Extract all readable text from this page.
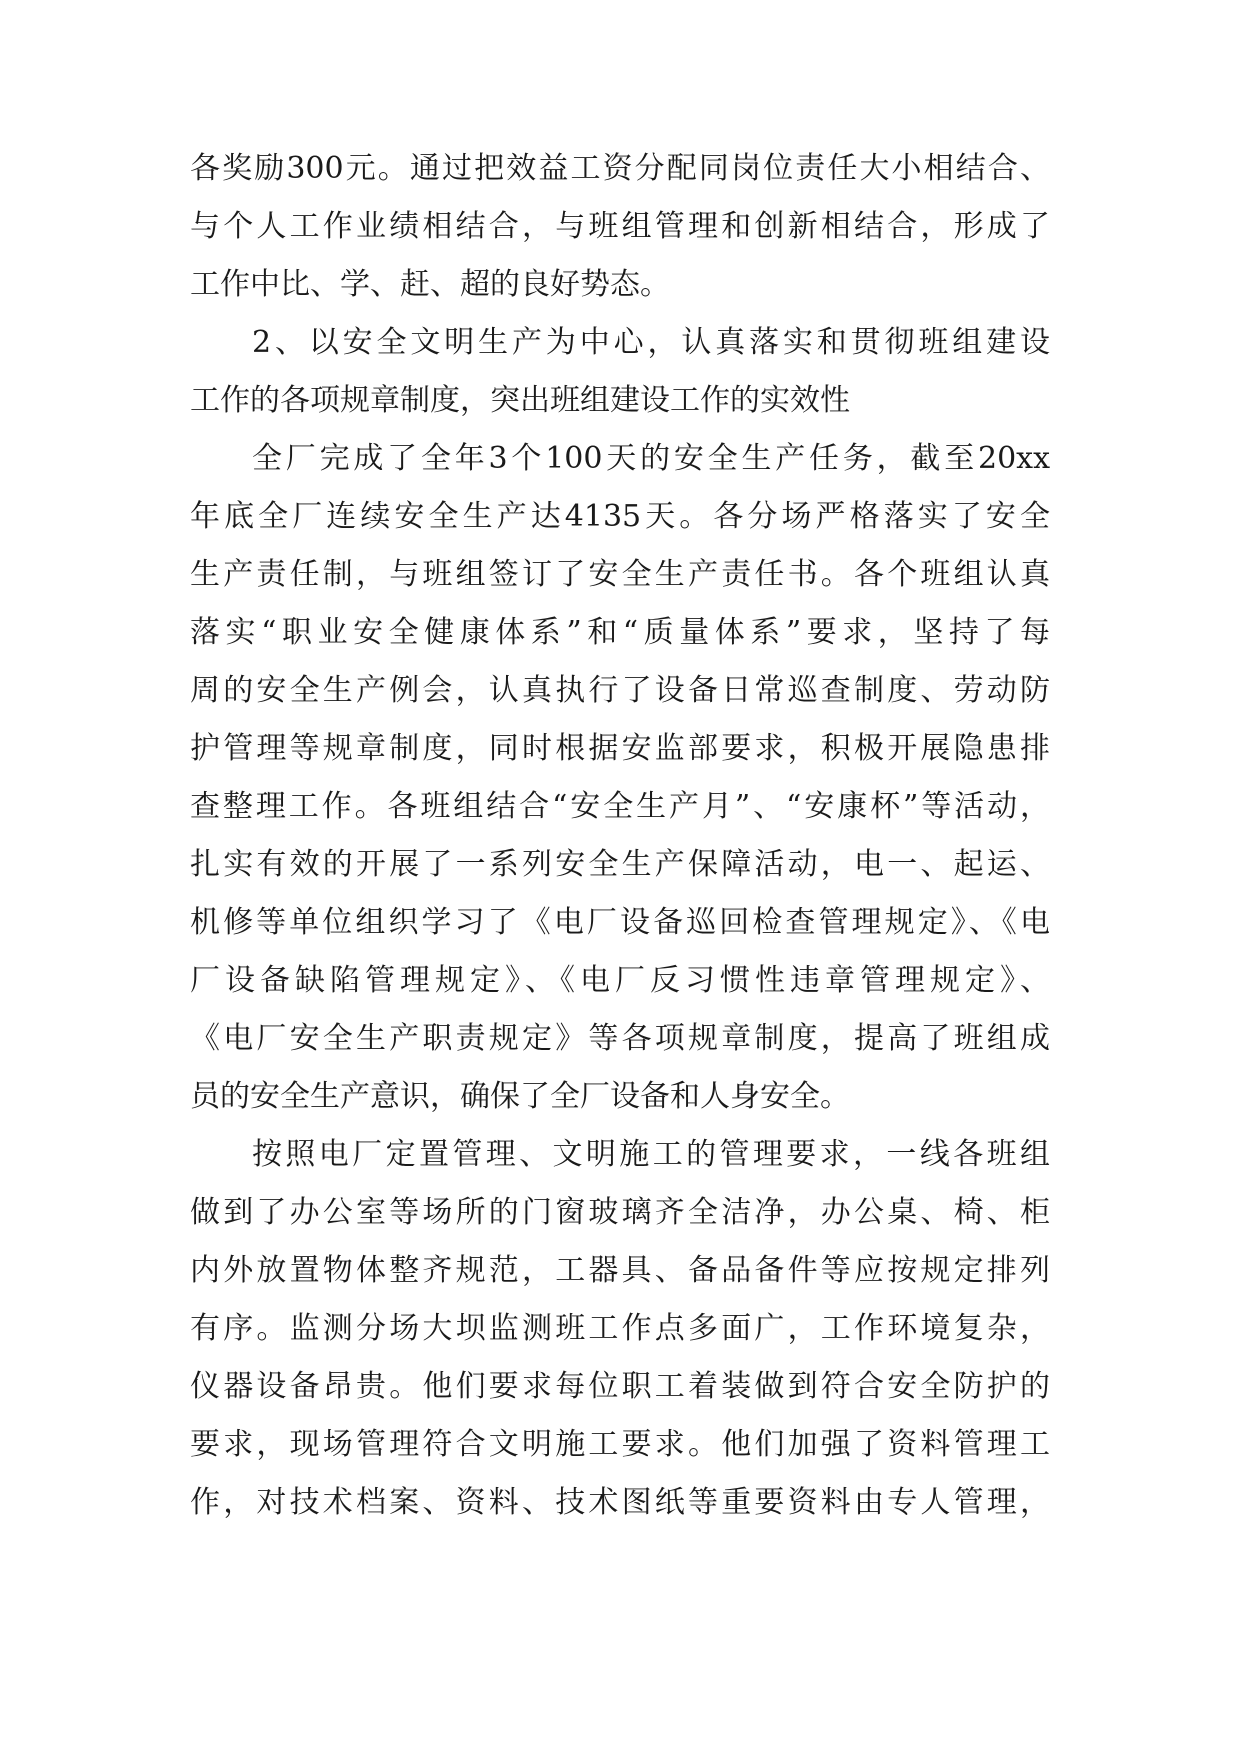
各奖励300元。通过把效益工资分配同岗位责任大小相结合、
与个人工作业绩相结合，与班组管理和创新相结合，形成了
工作中比、学、赶、超的良好势态。
2、以安全文明生产为中心，认真落实和贯彻班组建设
工作的各项规章制度，突出班组建设工作的实效性
全厂完成了全年3个100天的安全生产任务，截至20xx
年底全厂连续安全生产达4135天。各分场严格落实了安全
生产责任制，与班组签订了安全生产责任书。各个班组认真
落实“职业安全健康体系”和“质量体系”要求，坚持了每
周的安全生产例会，认真执行了设备日常巡查制度、劳动防
护管理等规章制度，同时根据安监部要求，积极开展隐患排
查整理工作。各班组结合“安全生产月”、“安康杯”等活动，
扎实有效的开展了一系列安全生产保障活动，电一、起运、
机修等单位组织学习了《电厂设备巡回检查管理规定》、《电
厂设备缺陷管理规定》、《电厂反习惯性违章管理规定》、
《电厂安全生产职责规定》等各项规章制度，提高了班组成
员的安全生产意识，确保了全厂设备和人身安全。
按照电厂定置管理、文明施工的管理要求，一线各班组
做到了办公室等场所的门窗玻璃齐全洁净，办公桌、椅、柜
内外放置物体整齐规范，工器具、备品备件等应按规定排列
有序。监测分场大坝监测班工作点多面广，工作环境复杂，
仪器设备昂贵。他们要求每位职工着装做到符合安全防护的
要求，现场管理符合文明施工要求。他们加强了资料管理工
作，对技术档案、资料、技术图纸等重要资料由专人管理，
